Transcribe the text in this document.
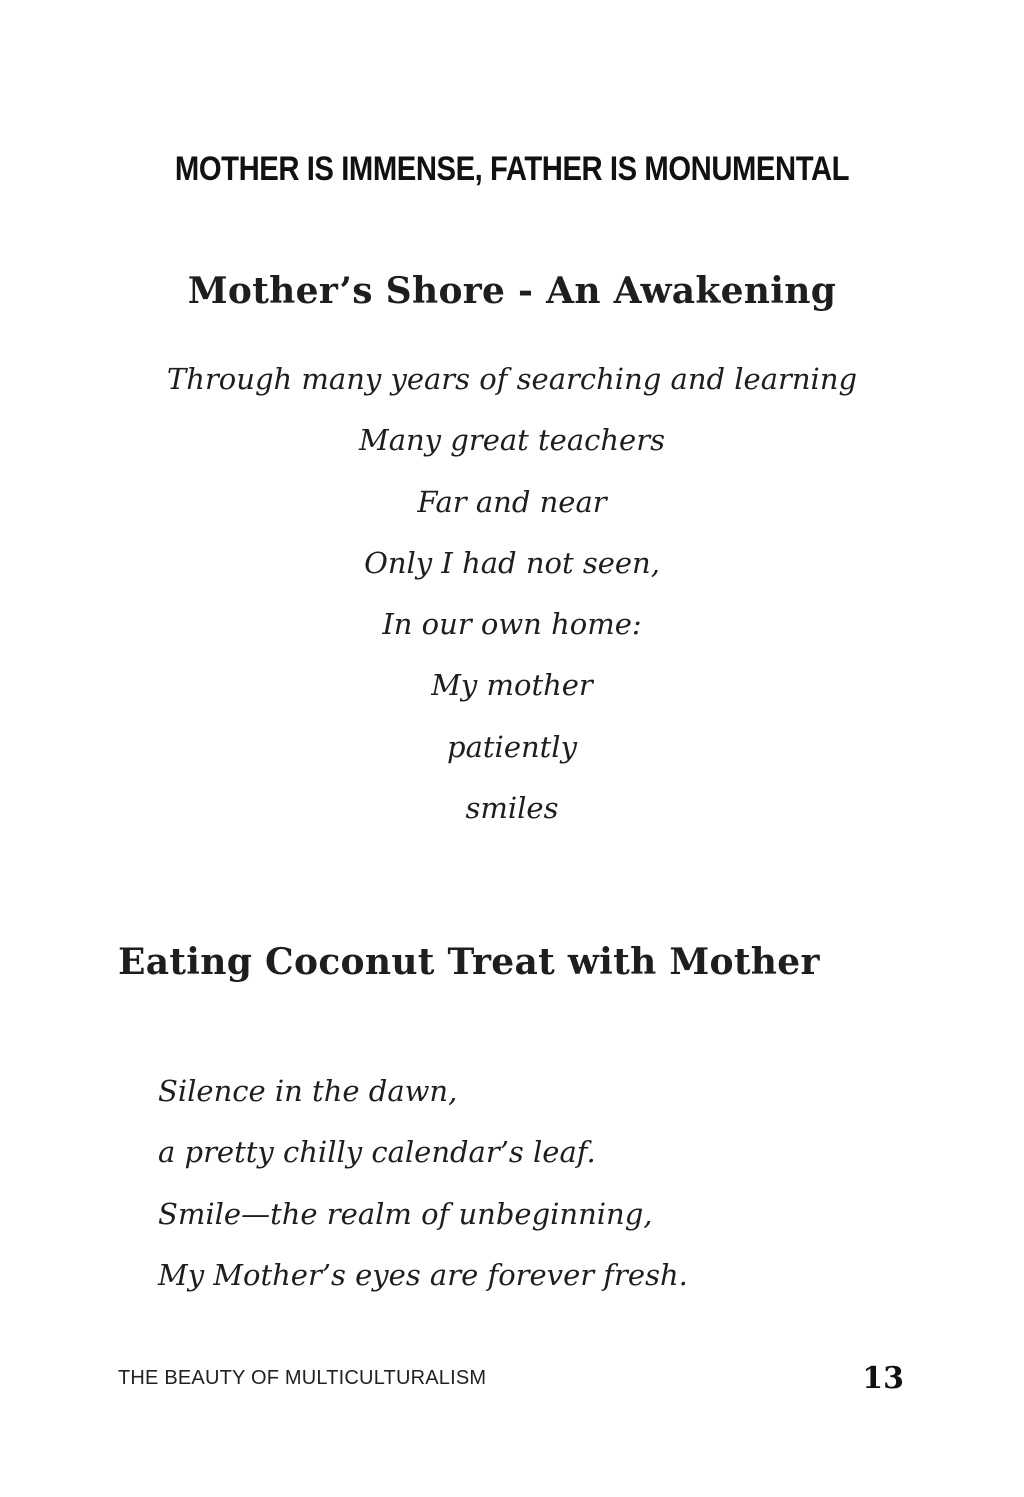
MOTHER IS IMMENSE, FATHER IS MONUMENTAL
Mother’s Shore - An Awakening
Through many years of searching and learning
Many great teachers
Far and near
Only I had not seen,
In our own home:
My mother
patiently
smiles
Eating Coconut Treat with Mother
Silence in the dawn,
a pretty chilly calendar’s leaf.
Smile—the realm of unbeginning,
My Mother’s eyes are forever fresh.
THE BEAUTY OF MULTICULTURALISM	13
